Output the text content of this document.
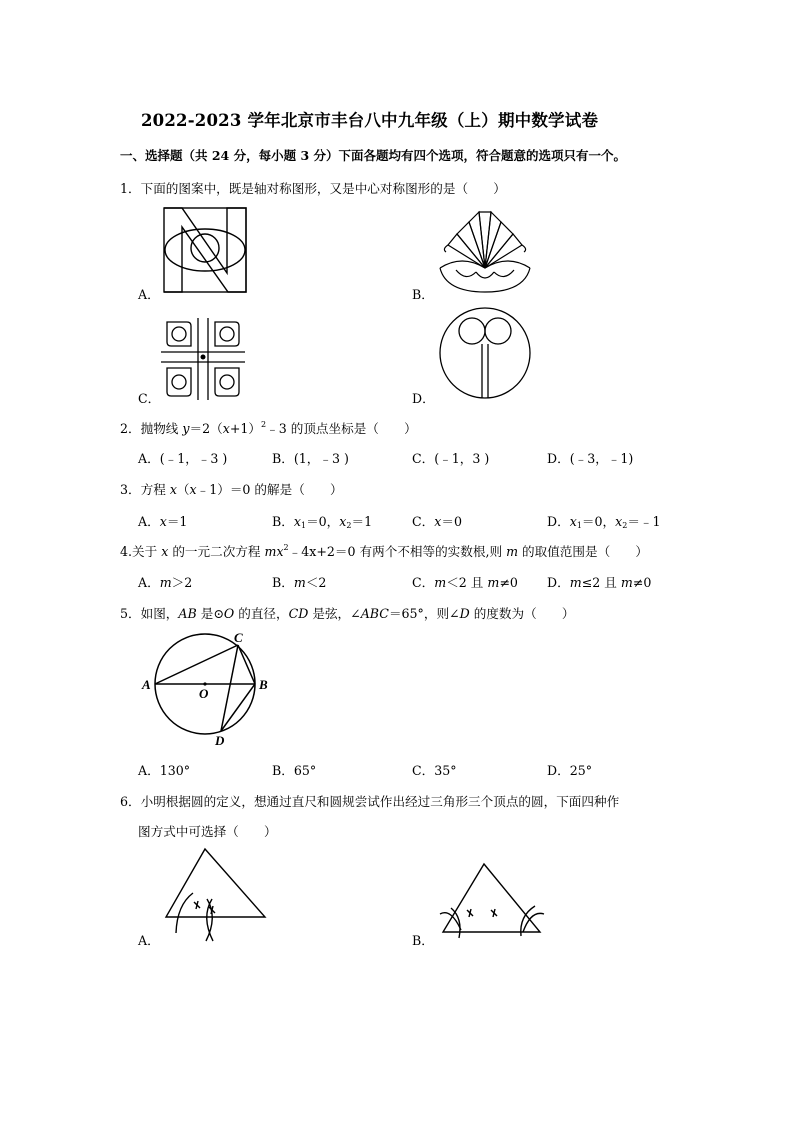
2022-2023 学年北京市丰台八中九年级（上）期中数学试卷
一、选择题（共 24 分，每小题 3 分）下面各题均有四个选项，符合题意的选项只有一个。
1．下面的图案中，既是轴对称图形，又是中心对称图形的是（　　）
A．	B．
C．	D．
2．抛物线 $y=2(x+1)^2﹣3$ 的顶点坐标是（　　）
A．(﹣1，﹣3 )	B．(1，﹣3 )	C．(﹣1，3 )	D．(﹣3，﹣1)
3．方程 x（x﹣1）＝0 的解是（　　）
A．x＝1	B．$x_1=0$，$x_2=1$	C．x＝0	D．$x_1=0$，$x_2=﹣1$
4.关于 x 的一元二次方程 $mx^2﹣4x+2=0$ 有两个不相等的实数根,则 m 的取值范围是（　　）
A．m＞2	B．m＜2	C．m＜2 且 m≠0 D．m≤2 且 m≠0
5．如图，AB 是⊙O 的直径，CD 是弦，∠ABC＝65°，则∠D 的度数为（　　）
A	B
C
D
O
A．130°	B．65°	C．35°	D．25°
6．小明根据圆的定义，想通过直尺和圆规尝试作出经过三角形三个顶点的圆，下面四种作
图方式中可选择（　　）
A．	B．
